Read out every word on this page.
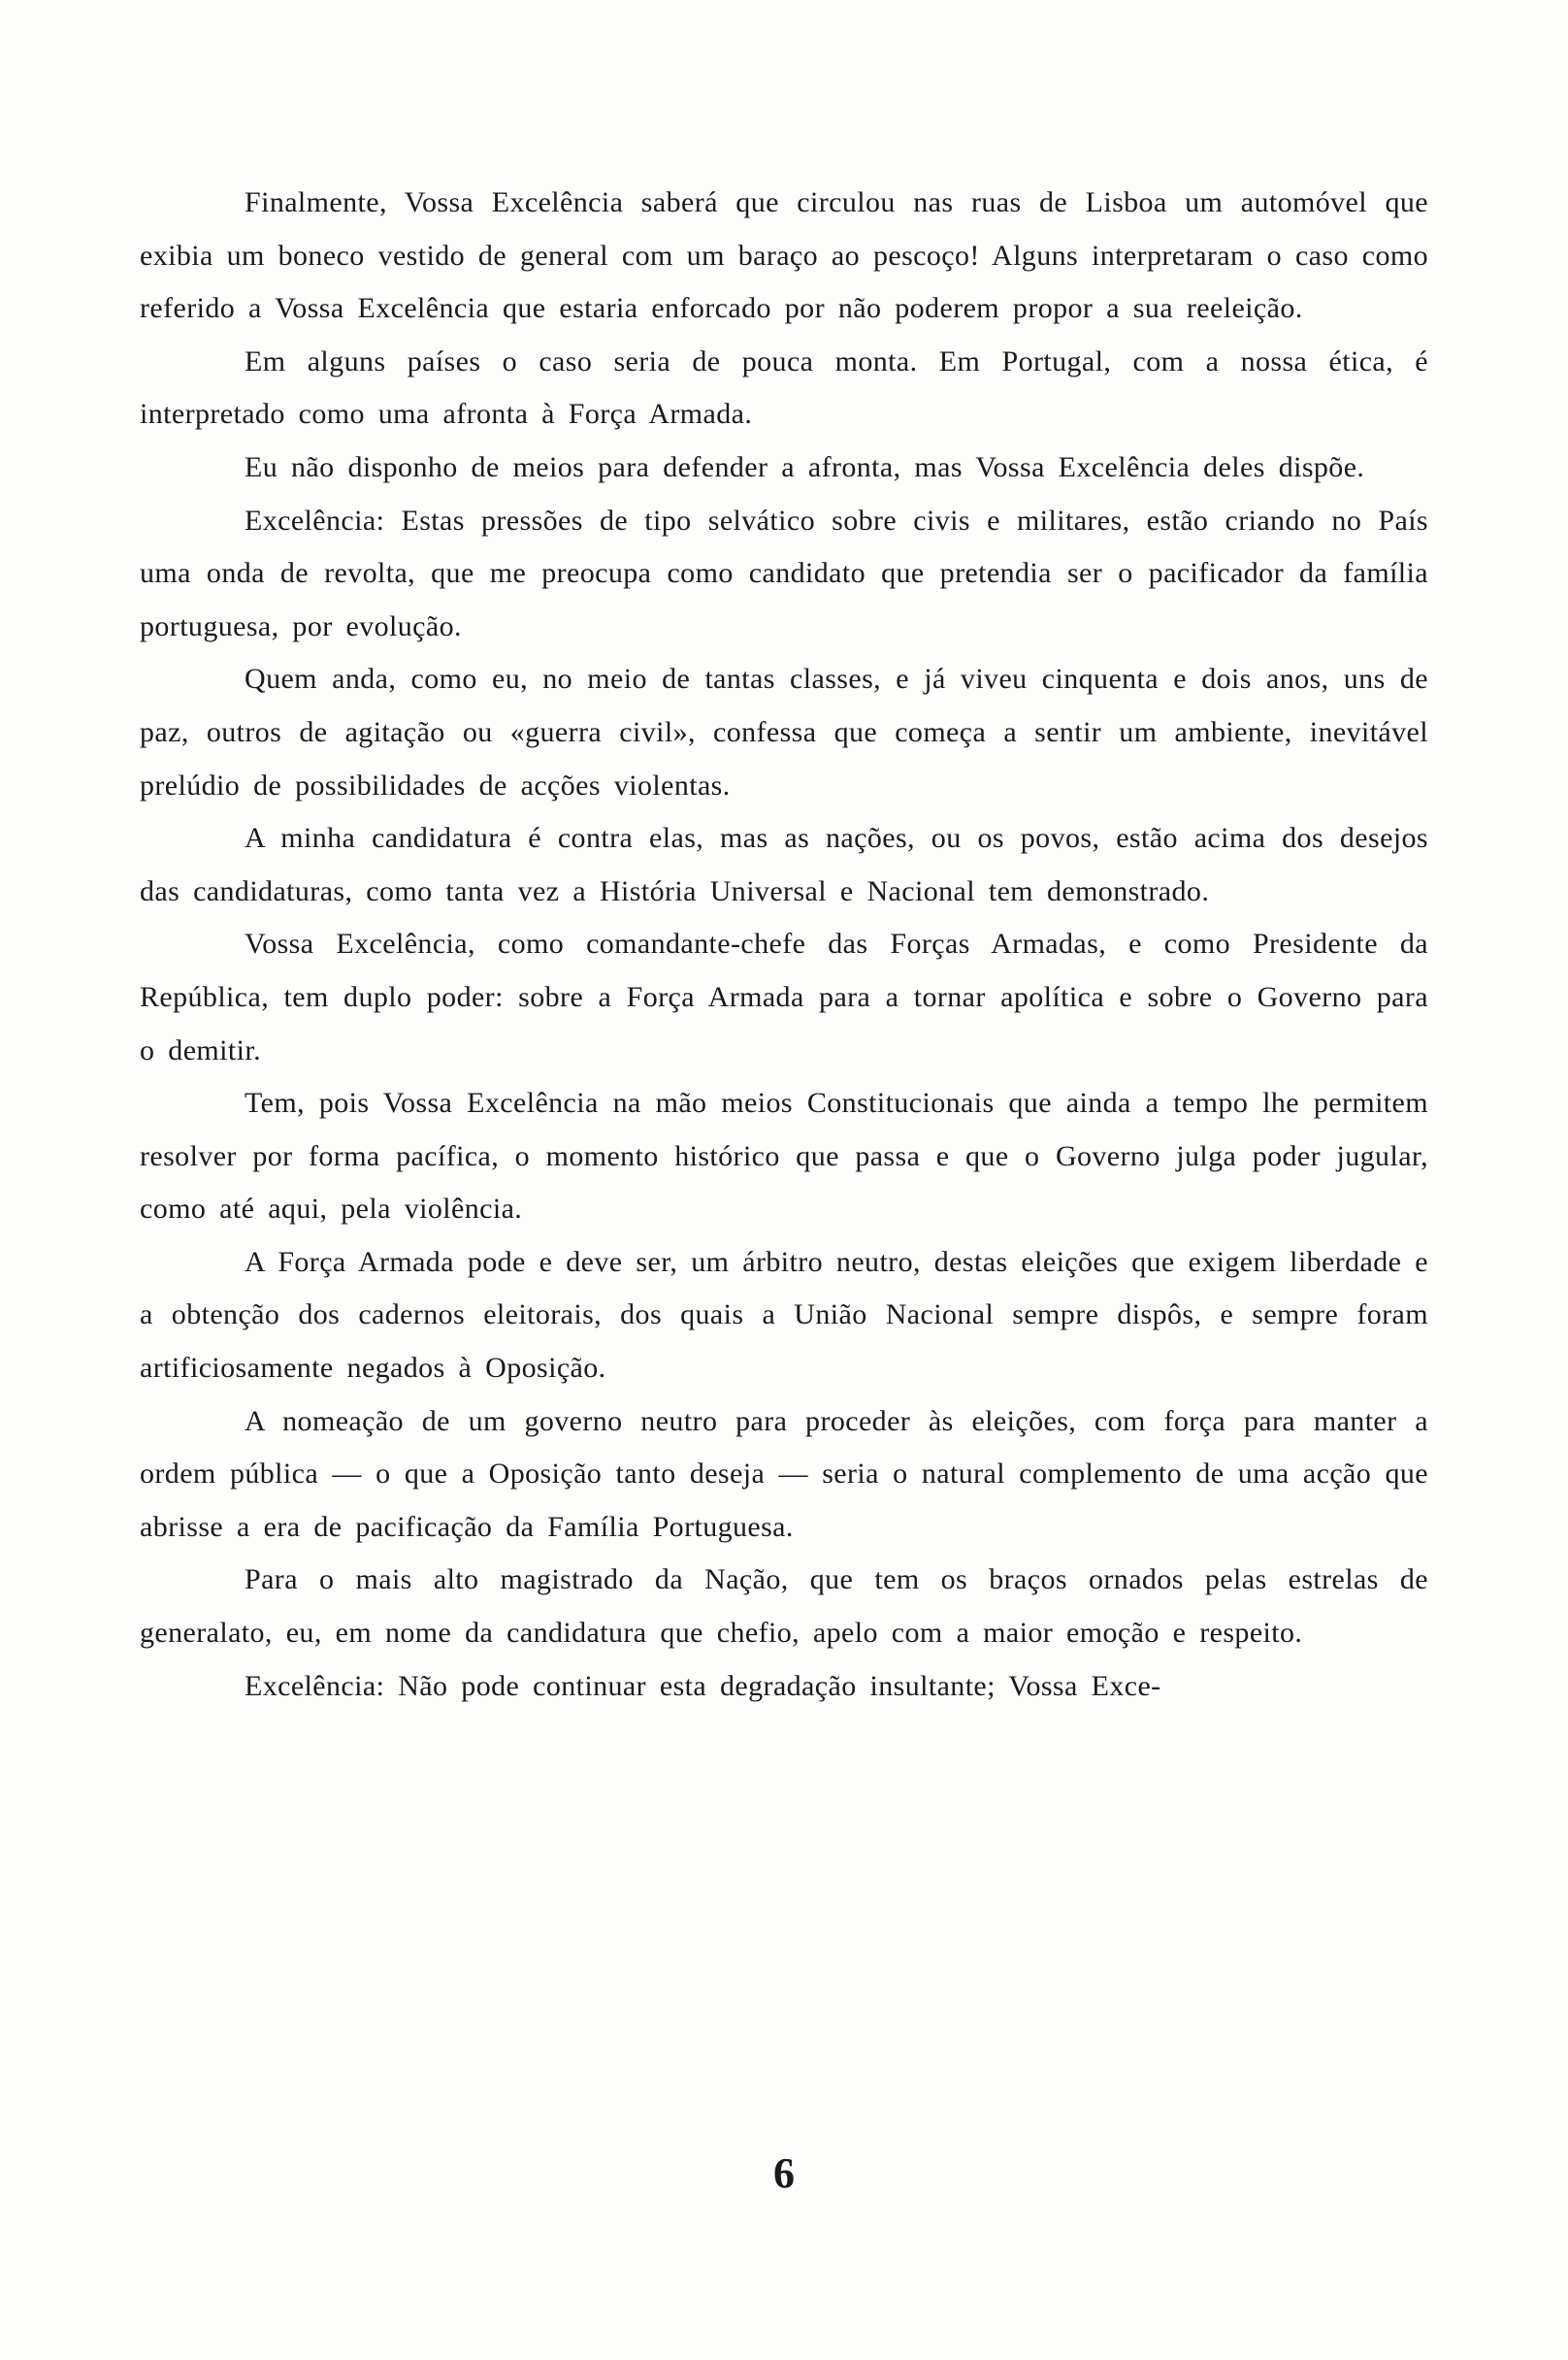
Finalmente, Vossa Excelência saberá que circulou nas ruas de Lisboa um automóvel que exibia um boneco vestido de general com um baraço ao pescoço! Alguns interpretaram o caso como referido a Vossa Excelência que estaria enforcado por não poderem propor a sua reeleição.

Em alguns países o caso seria de pouca monta. Em Portugal, com a nossa ética, é interpretado como uma afronta à Força Armada.

Eu não disponho de meios para defender a afronta, mas Vossa Excelência deles dispõe.

Excelência: Estas pressões de tipo selvático sobre civis e militares, estão criando no País uma onda de revolta, que me preocupa como candidato que pretendia ser o pacificador da família portuguesa, por evolução.

Quem anda, como eu, no meio de tantas classes, e já viveu cinquenta e dois anos, uns de paz, outros de agitação ou «guerra civil», confessa que começa a sentir um ambiente, inevitável prelúdio de possibilidades de acções violentas.

A minha candidatura é contra elas, mas as nações, ou os povos, estão acima dos desejos das candidaturas, como tanta vez a História Universal e Nacional tem demonstrado.

Vossa Excelência, como comandante-chefe das Forças Armadas, e como Presidente da República, tem duplo poder: sobre a Força Armada para a tornar apolítica e sobre o Governo para o demitir.

Tem, pois Vossa Excelência na mão meios Constitucionais que ainda a tempo lhe permitem resolver por forma pacífica, o momento histórico que passa e que o Governo julga poder jugular, como até aqui, pela violência.

A Força Armada pode e deve ser, um árbitro neutro, destas eleições que exigem liberdade e a obtenção dos cadernos eleitorais, dos quais a União Nacional sempre dispôs, e sempre foram artificiosamente negados à Oposição.

A nomeação de um governo neutro para proceder às eleições, com força para manter a ordem pública — o que a Oposição tanto deseja — seria o natural complemento de uma acção que abrisse a era de pacificação da Família Portuguesa.

Para o mais alto magistrado da Nação, que tem os braços ornados pelas estrelas de generalato, eu, em nome da candidatura que chefio, apelo com a maior emoção e respeito.

Excelência: Não pode continuar esta degradação insultante; Vossa Exce-

6
